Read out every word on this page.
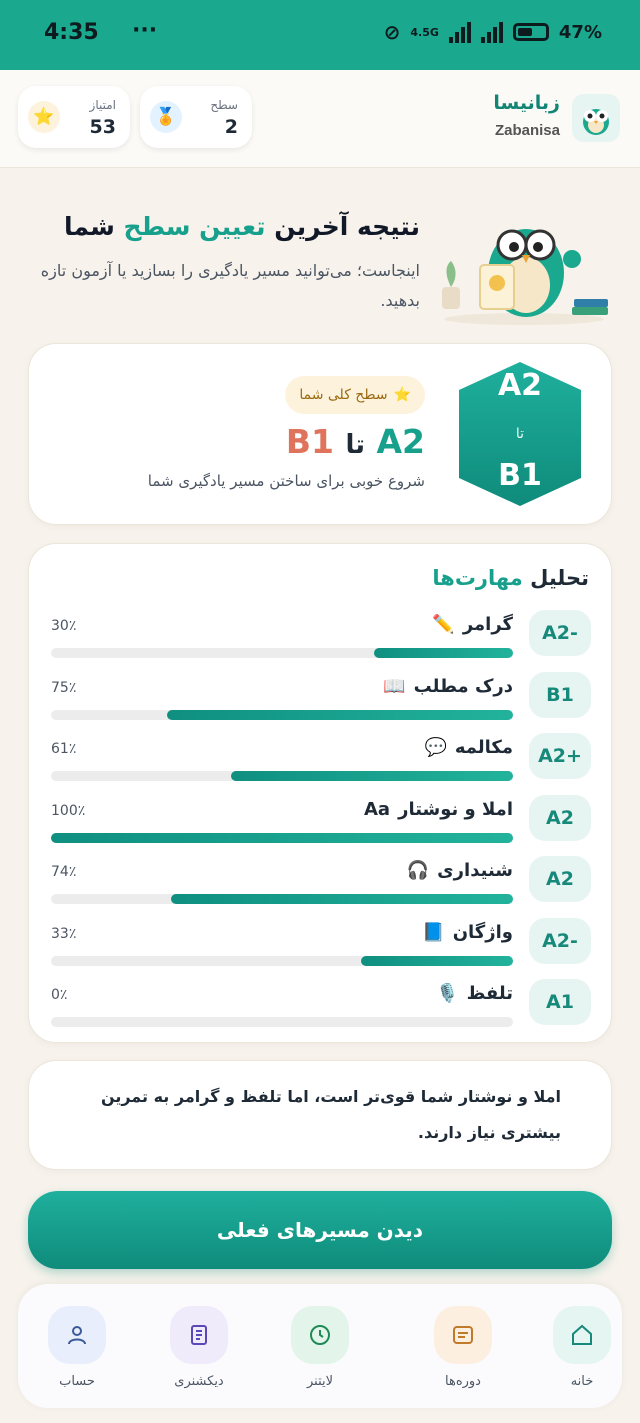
4:35 ···	⊘ 4.5G	47%
زبانیسا
Zabanisa
🏅
سطح
2
⭐
امتیاز
53
نتیجه آخرین تعیین سطح شما
اینجاست؛ می‌توانید مسیر یادگیری را بسازید یا آزمون تازه بدهید.
A2
تا
B1
سطح کلی شما ⭐
B1 تا A2
شروع خوبی برای ساختن مسیر یادگیری شما
تحلیل مهارت‌ها
A2-
✏️ گرامر
30٪
B1
📖 درک مطلب
75٪
A2+
💬 مکالمه
61٪
A2
Aa املا و نوشتار
100٪
A2
🎧 شنیداری
74٪
A2-
📘 واژگان
33٪
A1
🎙️ تلفظ
0٪
املا و نوشتار شما قوی‌تر است، اما تلفظ و گرامر به تمرین بیشتری نیاز دارند.
دیدن مسیرهای فعلی
خانه
دوره‌ها
لایتنر
دیکشنری
حساب
